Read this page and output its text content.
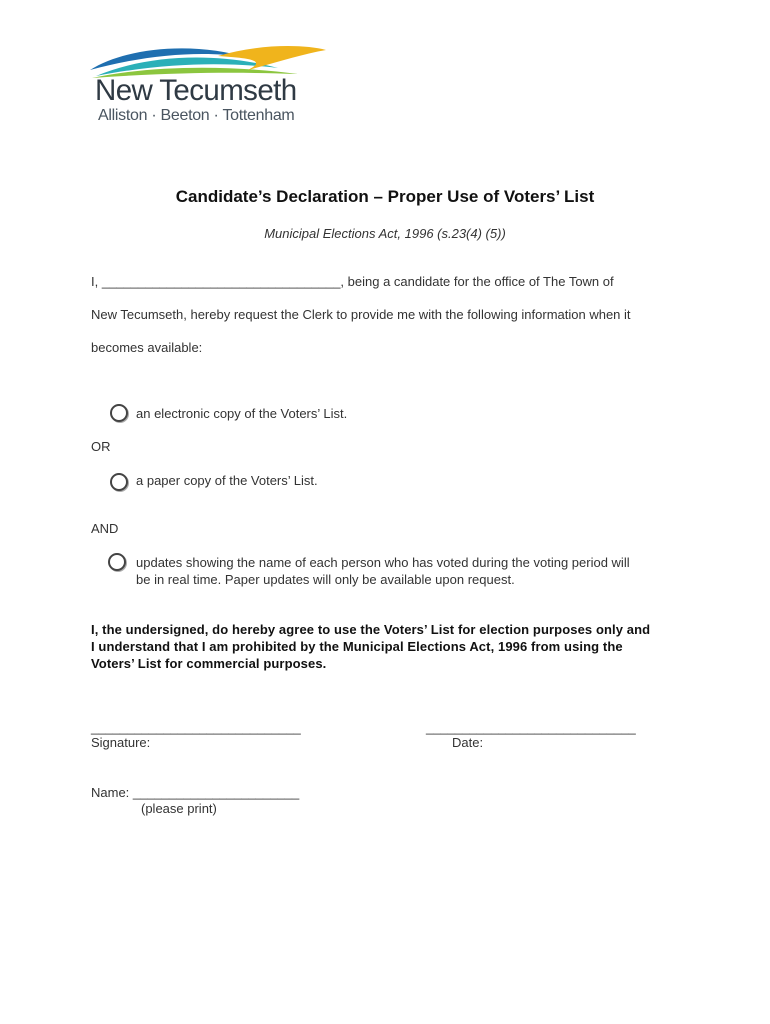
New Tecumseth
Alliston · Beeton · Tottenham
Candidate’s Declaration – Proper Use of Voters’ List
Municipal Elections Act, 1996 (s.23(4) (5))
I, _________________________________, being a candidate for the office of The Town of
New Tecumseth, hereby request the Clerk to provide me with the following information when it
becomes available:
an electronic copy of the Voters’ List.
OR
a paper copy of the Voters’ List.
AND
updates showing the name of each person who has voted during the voting period will
be in real time. Paper updates will only be available upon request.
I, the undersigned, do hereby agree to use the Voters’ List for election purposes only and
I understand that I am prohibited by the Municipal Elections Act, 1996 from using the
Voters’ List for commercial purposes.
_____________________________
Signature:
_____________________________
Date:
Name: _______________________
(please print)
